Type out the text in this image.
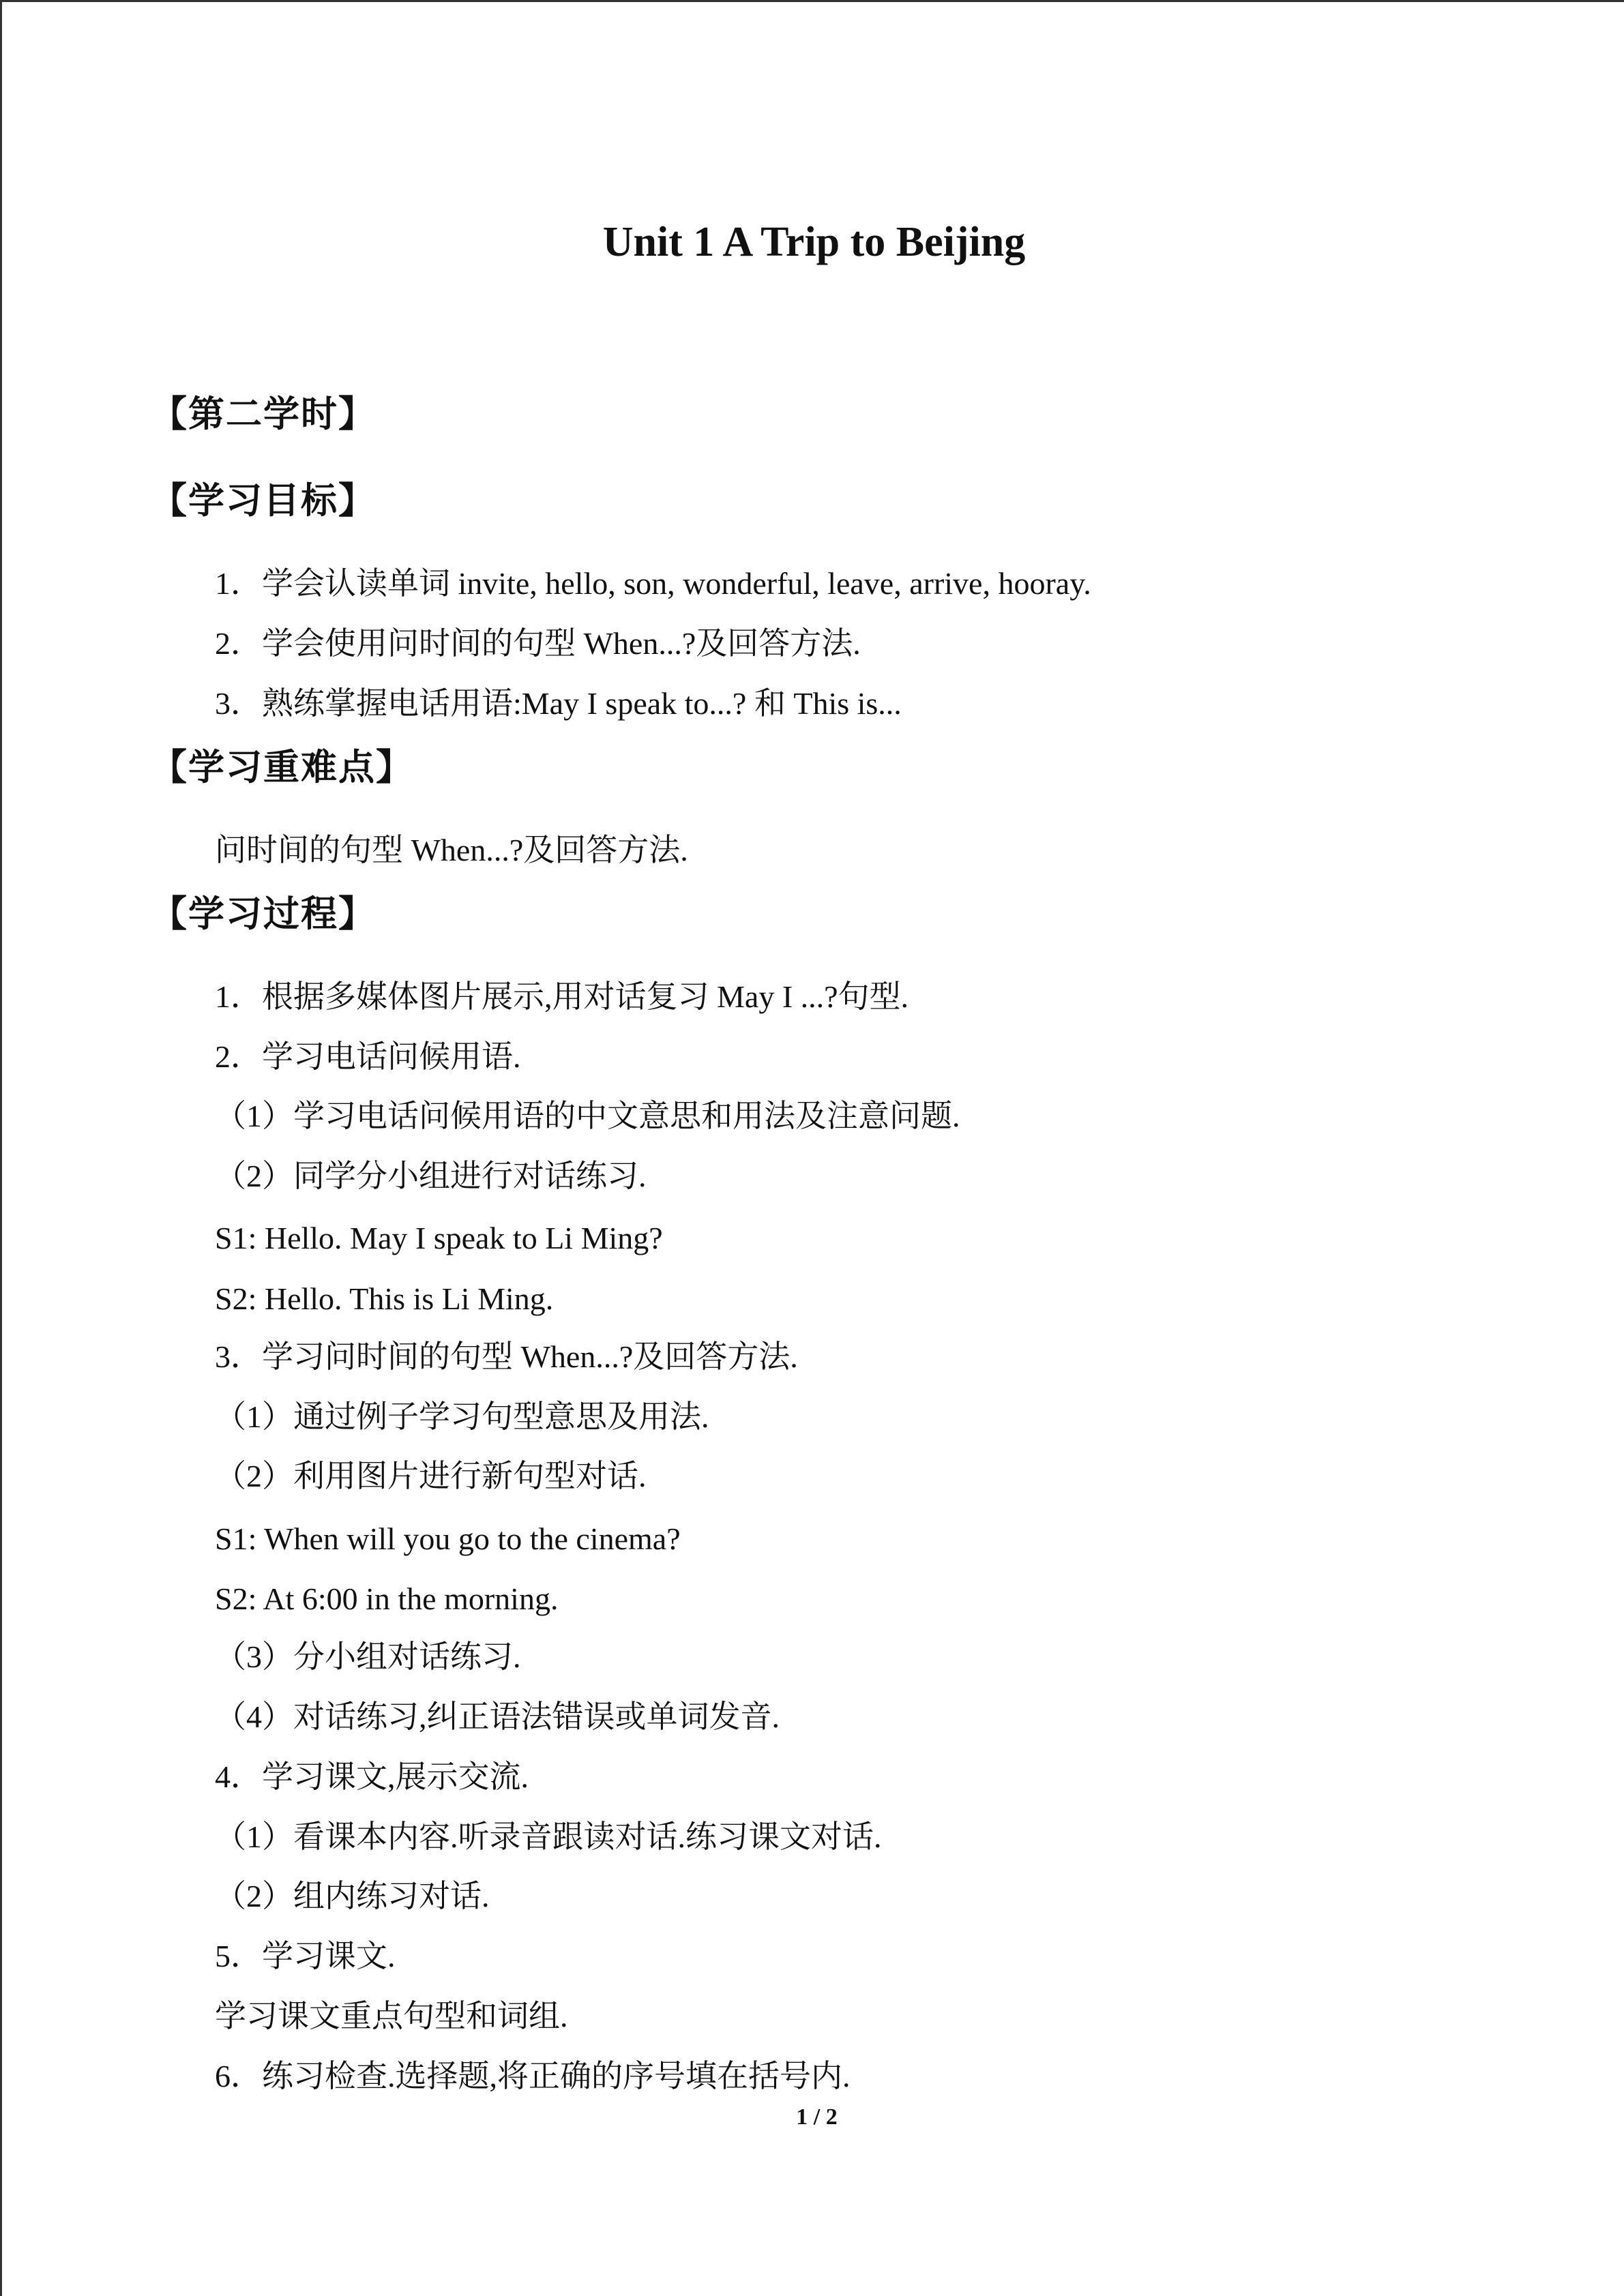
Unit 1 A Trip to Beijing
【第二学时】
【学习目标】
1．学会认读单词 invite, hello, son, wonderful, leave, arrive, hooray.
2．学会使用问时间的句型 When...?及回答方法.
3．熟练掌握电话用语:May I speak to...? 和 This is...
【学习重难点】
问时间的句型 When...?及回答方法.
【学习过程】
1．根据多媒体图片展示,用对话复习 May I ...?句型.
2．学习电话问候用语.
（1）学习电话问候用语的中文意思和用法及注意问题.
（2）同学分小组进行对话练习.
S1: Hello. May I speak to Li Ming?
S2: Hello. This is Li Ming.
3．学习问时间的句型 When...?及回答方法.
（1）通过例子学习句型意思及用法.
（2）利用图片进行新句型对话.
S1: When will you go to the cinema?
S2: At 6:00 in the morning.
（3）分小组对话练习.
（4）对话练习,纠正语法错误或单词发音.
4．学习课文,展示交流.
（1）看课本内容.听录音跟读对话.练习课文对话.
（2）组内练习对话.
5．学习课文.
学习课文重点句型和词组.
6．练习检查.选择题,将正确的序号填在括号内.
1 / 2
